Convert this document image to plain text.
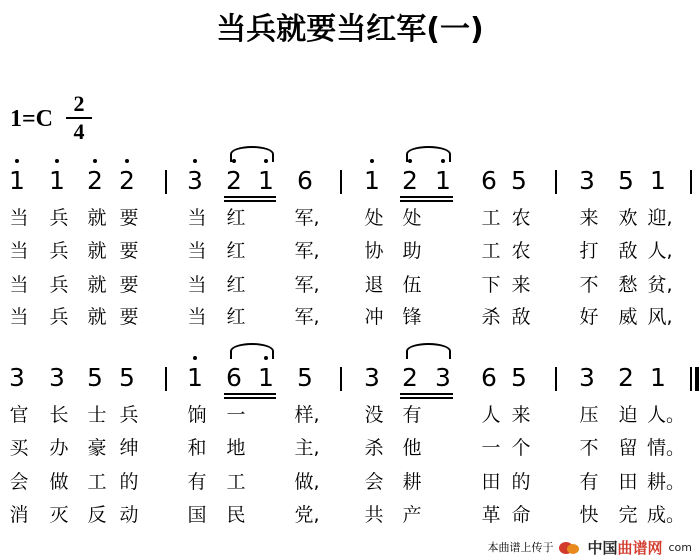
当兵就要当红军(一)
1=C
2
4
1 1 2 2 3 2 1 6 1 2 1 6 5 3 5 1
当 兵 就 要	当 红	军, 处 处	工 农	来 欢 迎,
当 兵 就 要	当 红	军, 协 助	工 农	打 敌 人,
当 兵 就 要	当 红	军, 退 伍	下 来	不 愁 贫,
当 兵 就 要	当 红	军, 冲 锋	杀 敌	好 威 风,
3 3 5 5 1 6 1 5 3 2 3 6 5 3 2 1
官 长 士 兵	饷 一	样, 没 有	人 来	压 迫 人。
买 办 豪 绅	和 地	主, 杀 他	一 个	不 留 情。
会 做 工 的	有 工	做, 会 耕	田 的	有 田 耕。
消 灭 反 动	国 民	党, 共 产	革 命	快 完 成。
本曲谱上传于 中国曲谱网 com
